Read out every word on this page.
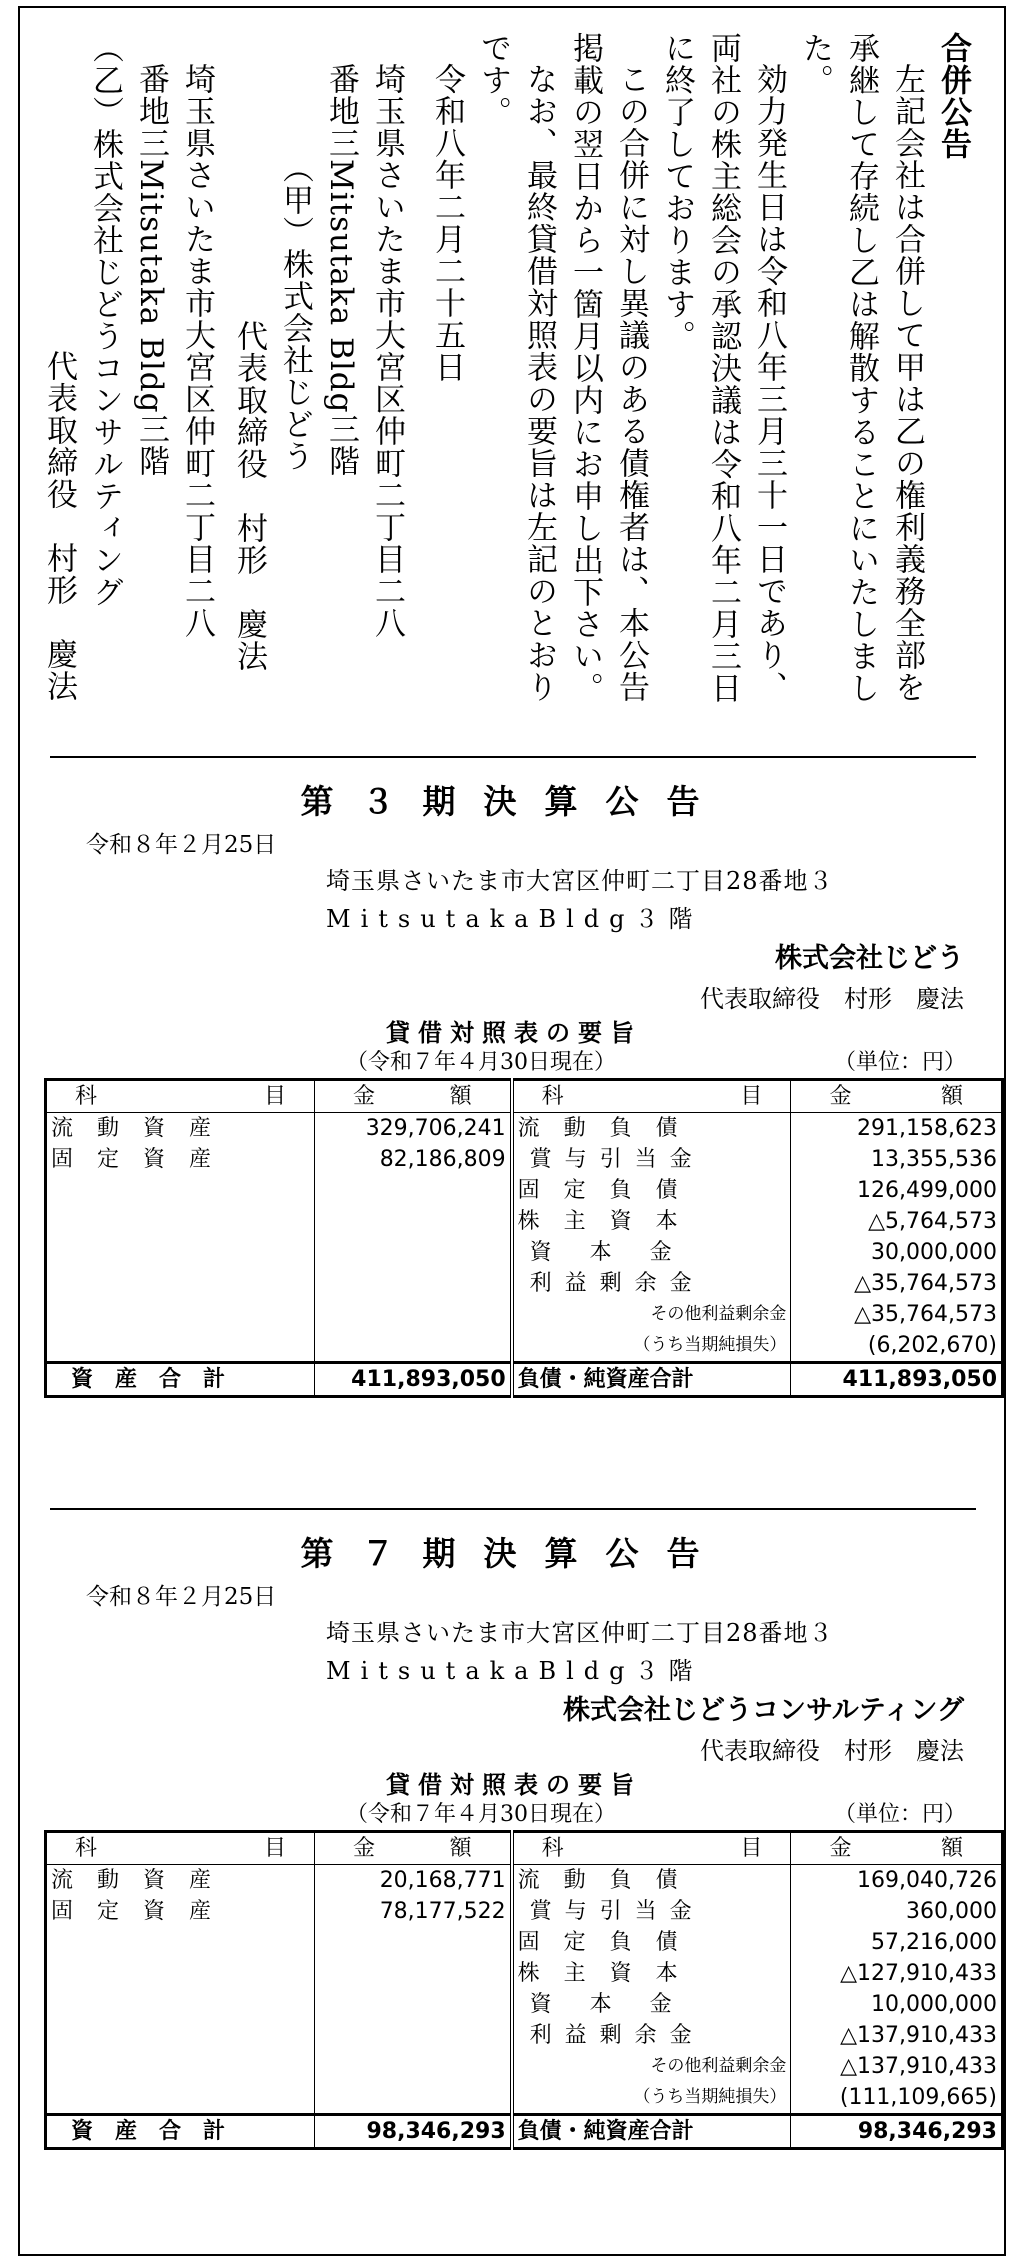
合併公告

左記会社は合併して甲は乙の権利義務全部を承継して存続し乙は解散することにいたしました。

効力発生日は令和八年三月三十一日であり、両社の株主総会の承認決議は令和八年二月三日に終了しております。

この合併に対し異議のある債権者は、本公告掲載の翌日から一箇月以内にお申し出下さい。

なお、最終貸借対照表の要旨は左記のとおりです。

令和八年二月二十五日

埼玉県さいたま市大宮区仲町二丁目二八

番地三Mitsutaka Bldg三階

（甲）株式会社じどう

代表取締役　村形　慶法

埼玉県さいたま市大宮区仲町二丁目二八

番地三Mitsutaka Bldg三階

（乙）株式会社じどうコンサルティング

代表取締役　村形　慶法

第３期決算公告

令和８年２月25日
埼玉県さいたま市大宮区仲町二丁目28番地３
MitsutakaBldg３階
株式会社じどう
代表取締役　村形　慶法
貸借対照表の要旨
（令和７年４月30日現在）	（単位：円）
科 目	金 額	科 目	金 額

流動資産	329,706,241	流動負債	291,158,623
固定資産	82,186,809	賞与引当金	13,355,536
		固定負債	126,499,000
		株主資本	△5,764,573
		資本金	30,000,000
		利益剰余金	△35,764,573
		その他利益剰余金	△35,764,573
		（うち当期純損失）	(6,202,670)
資産合計	411,893,050	負債・純資産合計	411,893,050

第７期決算公告

令和８年２月25日
埼玉県さいたま市大宮区仲町二丁目28番地３
MitsutakaBldg３階
株式会社じどうコンサルティング
代表取締役　村形　慶法
貸借対照表の要旨
（令和７年４月30日現在）	（単位：円）
科 目	金 額	科 目	金 額

流動資産	20,168,771	流動負債	169,040,726
固定資産	78,177,522	賞与引当金	360,000
		固定負債	57,216,000
		株主資本	△127,910,433
		資本金	10,000,000
		利益剰余金	△137,910,433
		その他利益剰余金	△137,910,433
		（うち当期純損失）	(111,109,665)
資産合計	98,346,293	負債・純資産合計	98,346,293
